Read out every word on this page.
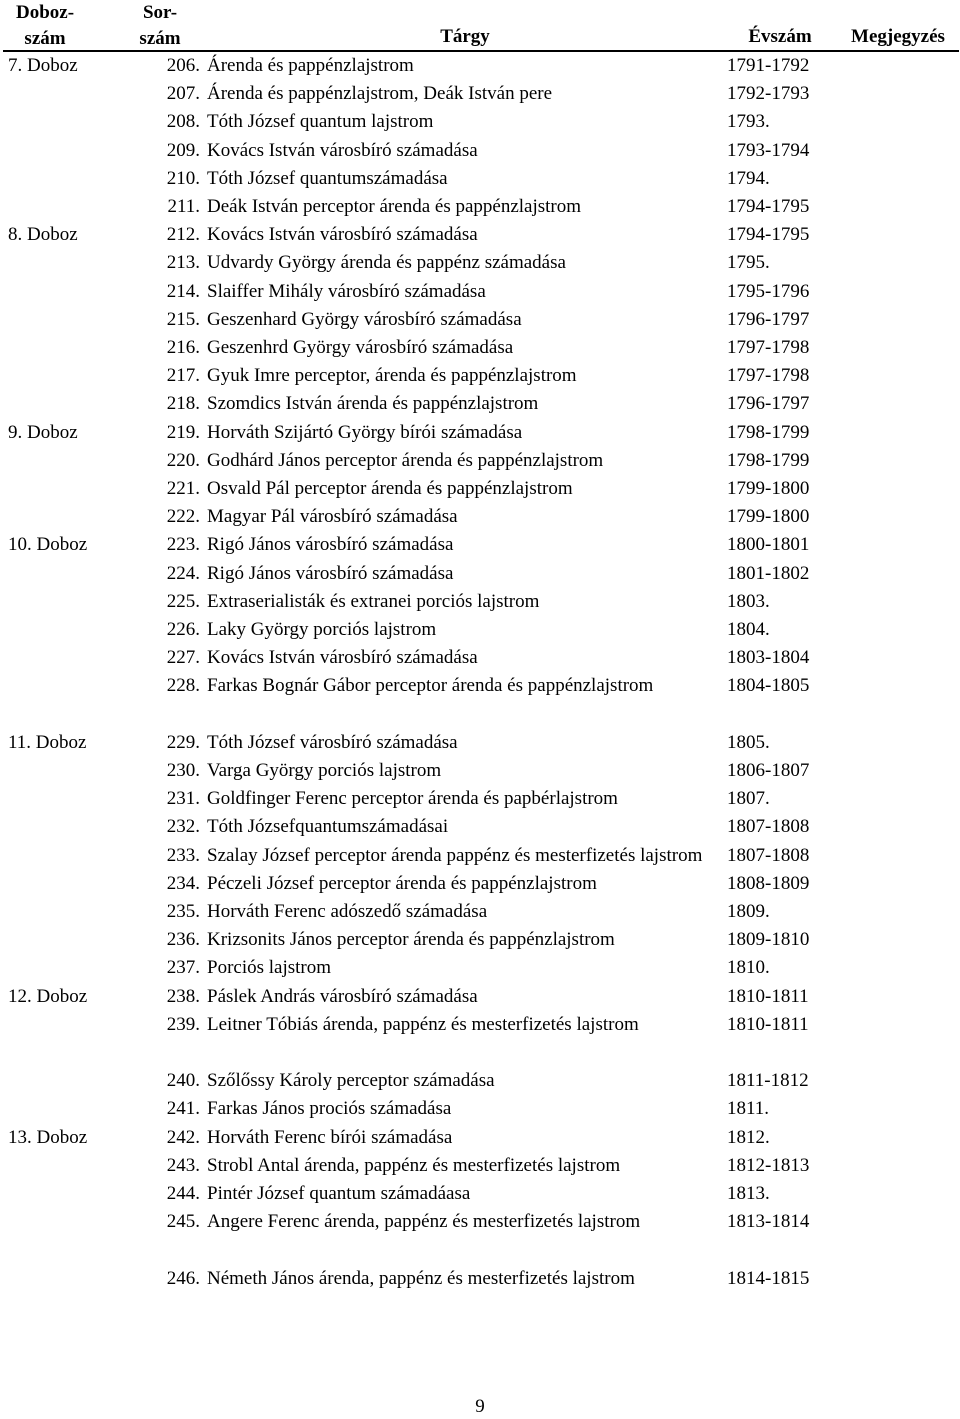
Doboz-
szám
Sor-
szám	Tárgy	Évszám	Megjegyzés
7. Doboz	206. Árenda és pappénzlajstrom	1791-1792
207. Árenda és pappénzlajstrom, Deák István pere	1792-1793
208. Tóth József quantum lajstrom	1793.
209. Kovács István városbíró számadása	1793-1794
210. Tóth József quantumszámadása	1794.
211. Deák István perceptor árenda és pappénzlajstrom	1794-1795
8. Doboz	212. Kovács István városbíró számadása	1794-1795
213. Udvardy György árenda és pappénz számadása	1795.
214. Slaiffer Mihály városbíró számadása	1795-1796
215. Geszenhard György városbíró számadása	1796-1797
216. Geszenhrd György városbíró számadása	1797-1798
217. Gyuk Imre perceptor, árenda és pappénzlajstrom	1797-1798
218. Szomdics István árenda és pappénzlajstrom	1796-1797
9. Doboz	219. Horváth Szijártó György bírói számadása	1798-1799
220. Godhárd János perceptor árenda és pappénzlajstrom	1798-1799
221. Osvald Pál perceptor árenda és pappénzlajstrom	1799-1800
222. Magyar Pál városbíró számadása	1799-1800
10. Doboz	223. Rigó János városbíró számadása	1800-1801
224. Rigó János városbíró számadása	1801-1802
225. Extraserialisták és extranei porciós lajstrom	1803.
226. Laky György porciós lajstrom	1804.
227. Kovács István városbíró számadása	1803-1804
228. Farkas Bognár Gábor perceptor árenda és pappénzlajstrom	1804-1805
11. Doboz	229. Tóth József városbíró számadása	1805.
230. Varga György porciós lajstrom	1806-1807
231. Goldfinger Ferenc perceptor árenda és papbérlajstrom	1807.
232. Tóth Józsefquantumszámadásai	1807-1808
233. Szalay József perceptor árenda pappénz és mesterfizetés lajstrom	1807-1808
234. Péczeli József perceptor árenda és pappénzlajstrom	1808-1809
235. Horváth Ferenc adószedő számadása	1809.
236. Krizsonits János perceptor árenda és pappénzlajstrom	1809-1810
237. Porciós lajstrom	1810.
12. Doboz	238. Páslek András városbíró számadása	1810-1811
239. Leitner Tóbiás árenda, pappénz és mesterfizetés lajstrom	1810-1811
240. Szőlőssy Károly perceptor számadása	1811-1812
241. Farkas János prociós számadása	1811.
13. Doboz	242. Horváth Ferenc bírói számadása	1812.
243. Strobl Antal árenda, pappénz és mesterfizetés lajstrom	1812-1813
244. Pintér József quantum számadáasa	1813.
245. Angere Ferenc árenda, pappénz és mesterfizetés lajstrom	1813-1814
246. Németh János árenda, pappénz és mesterfizetés lajstrom	1814-1815
9
